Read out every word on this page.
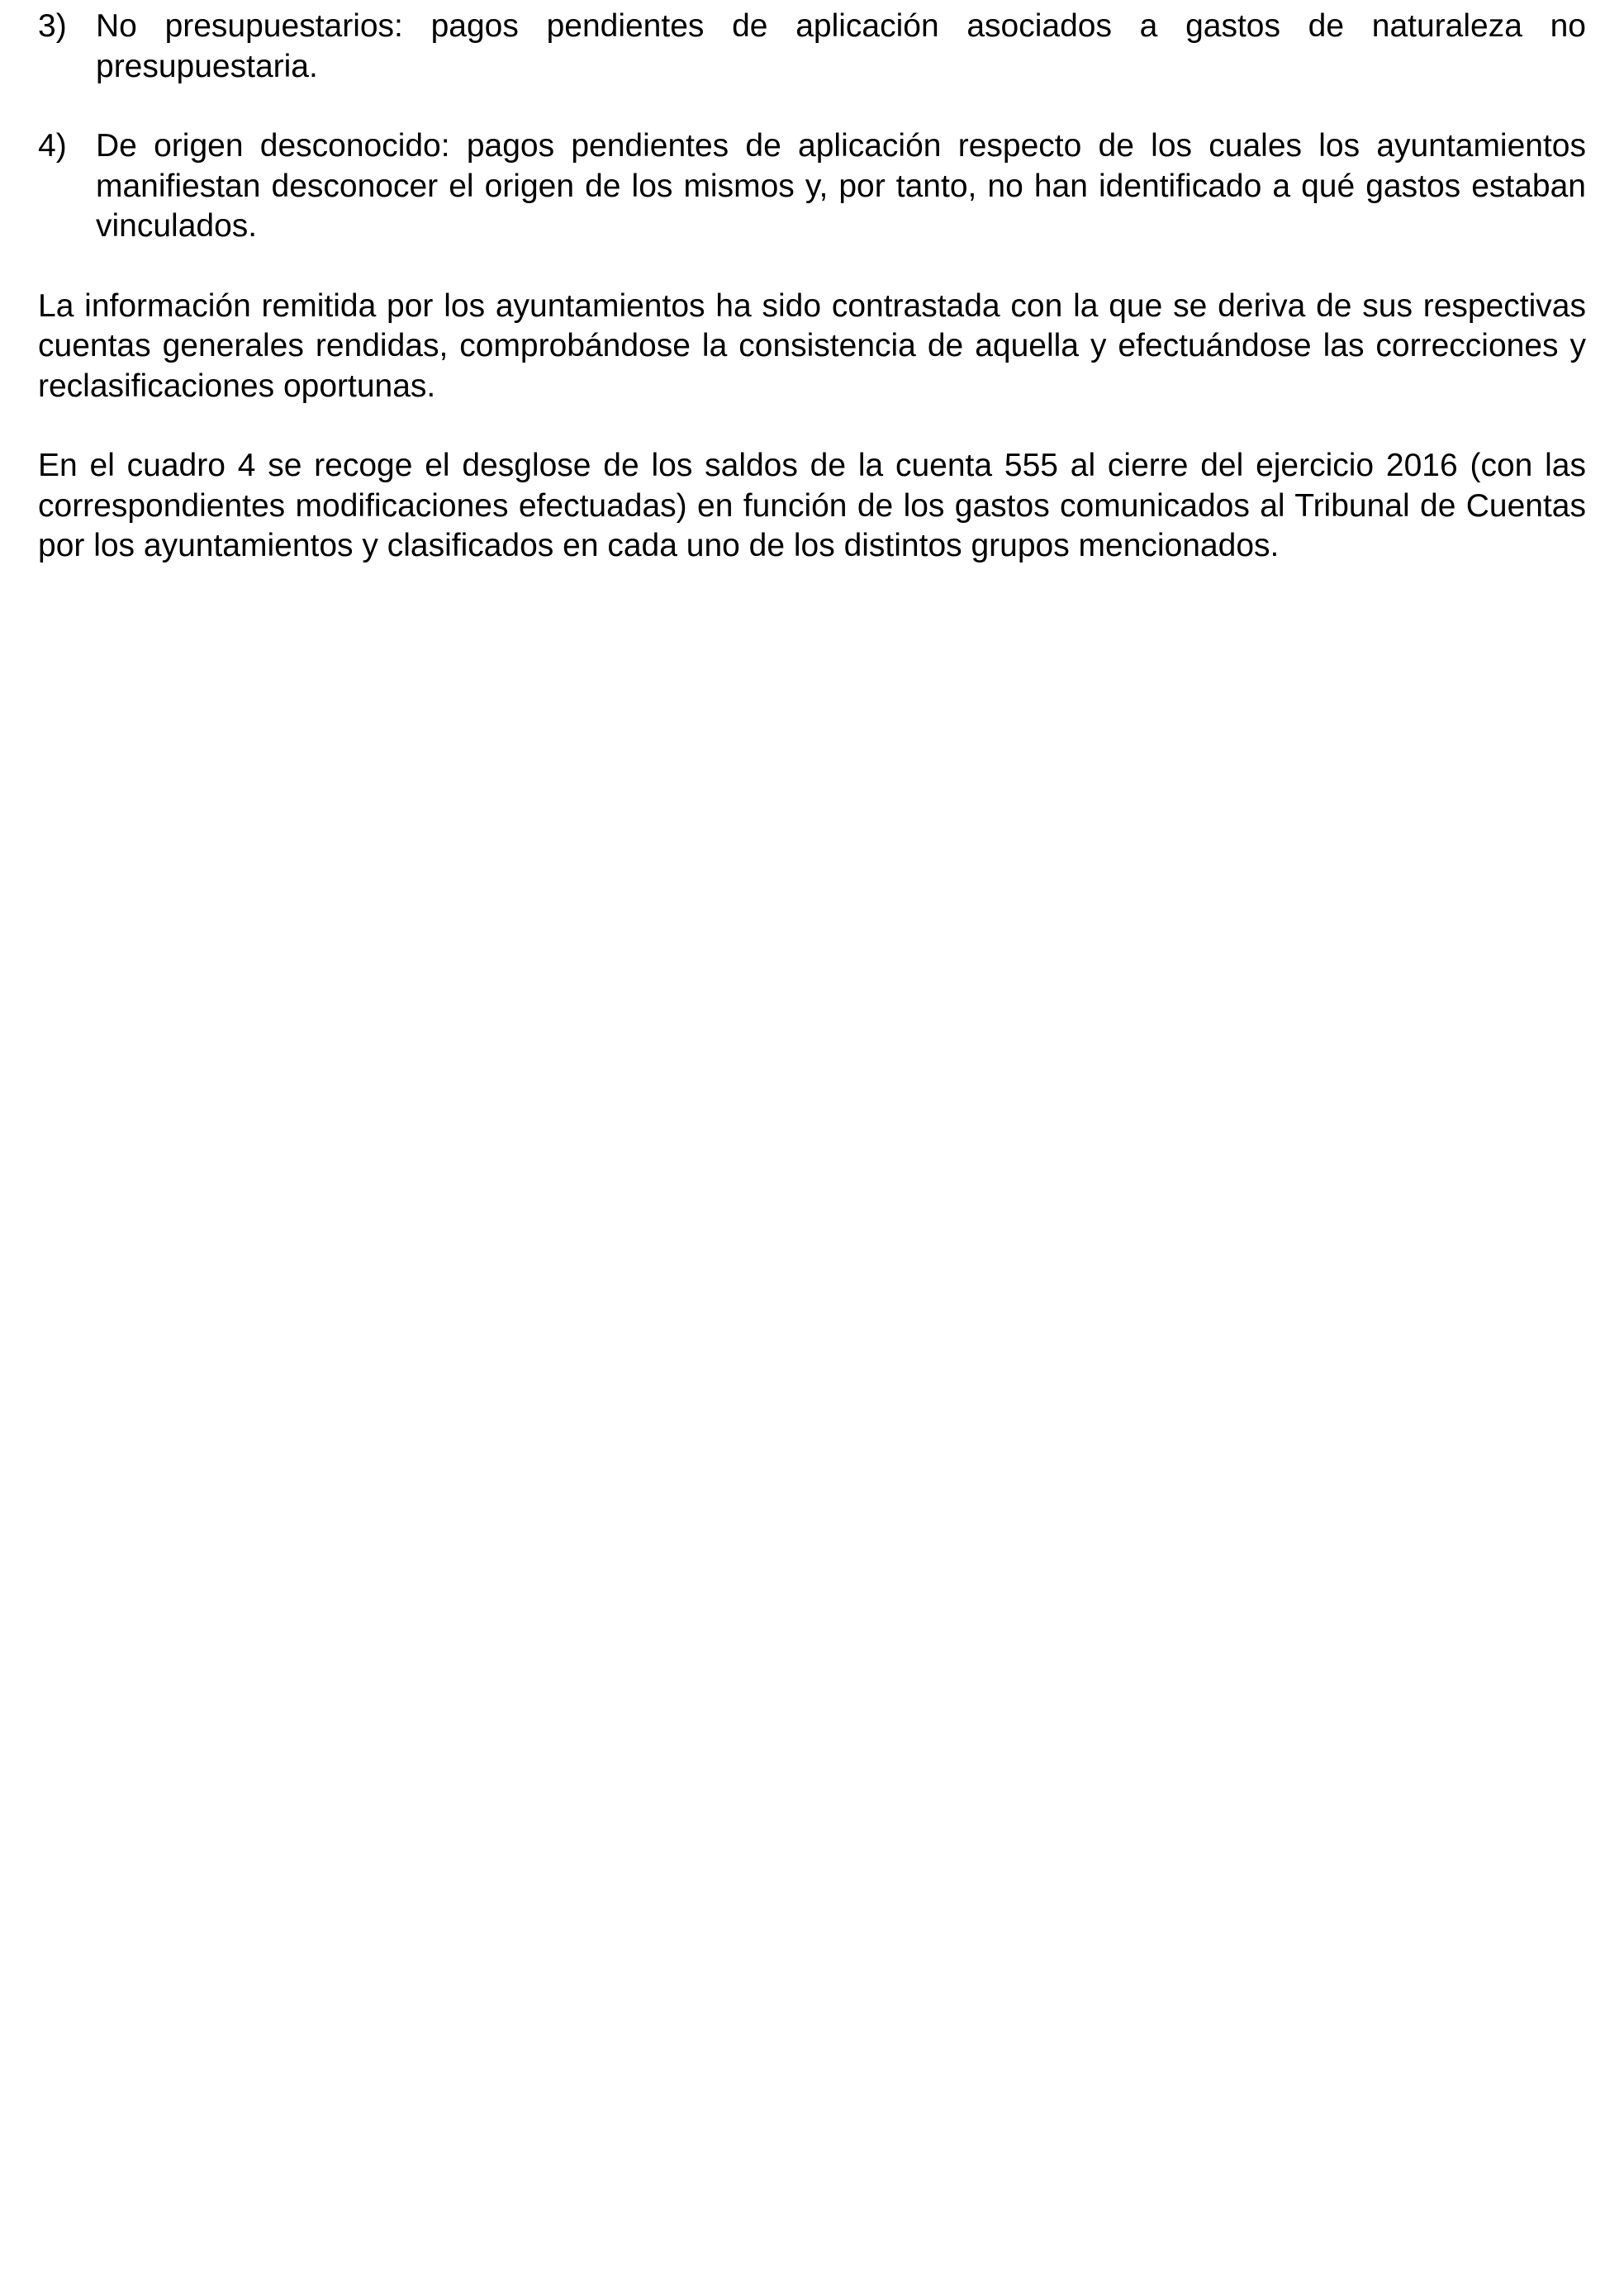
3) No presupuestarios: pagos pendientes de aplicación asociados a gastos de naturaleza no presupuestaria.
4) De origen desconocido: pagos pendientes de aplicación respecto de los cuales los ayuntamientos manifiestan desconocer el origen de los mismos y, por tanto, no han identificado a qué gastos estaban vinculados.

La información remitida por los ayuntamientos ha sido contrastada con la que se deriva de sus respectivas cuentas generales rendidas, comprobándose la consistencia de aquella y efectuándose las correcciones y reclasificaciones oportunas.

En el cuadro 4 se recoge el desglose de los saldos de la cuenta 555 al cierre del ejercicio 2016 (con las correspondientes modificaciones efectuadas) en función de los gastos comunicados al Tribunal de Cuentas por los ayuntamientos y clasificados en cada uno de los distintos grupos mencionados.
